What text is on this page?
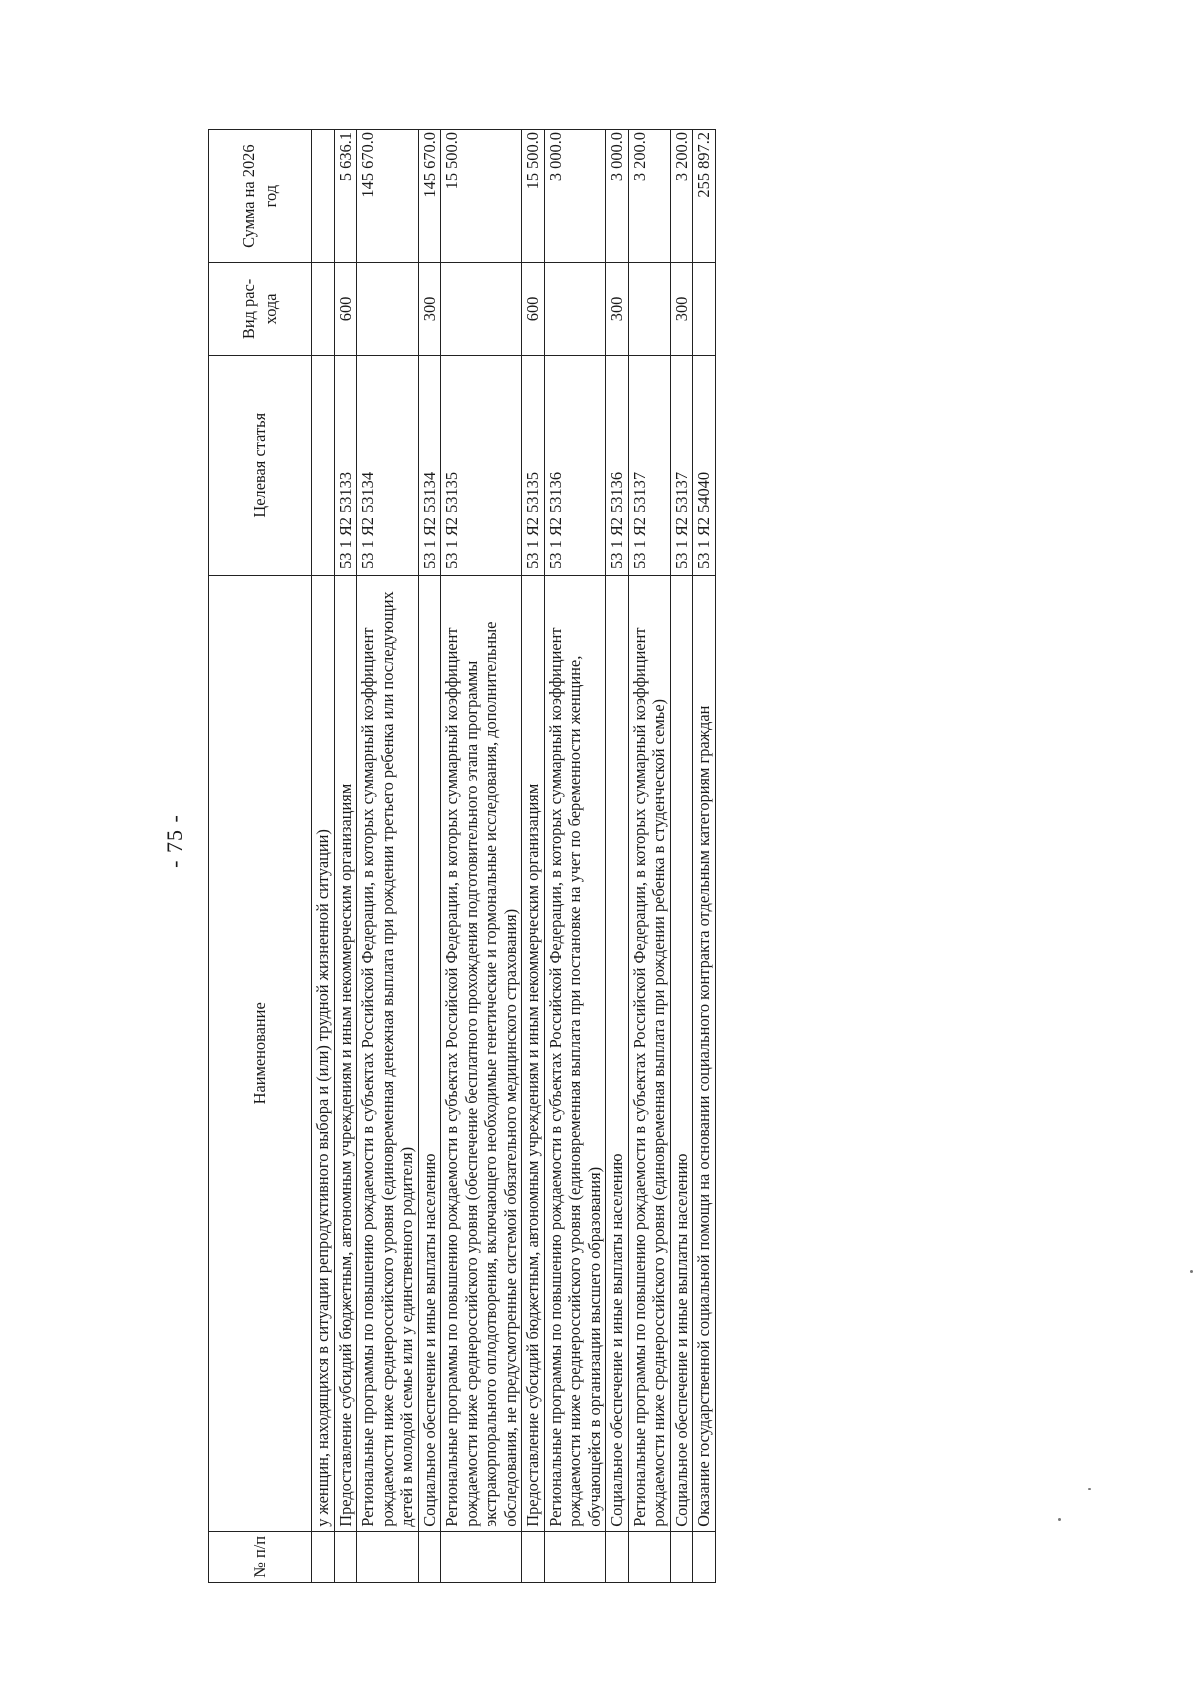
- 75 -
№ п/п	Наименование	Целевая статья	Вид рас-хода	Сумма на 2026 год
	у женщин, находящихся в ситуации репродуктивного выбора и (или) трудной жизненной ситуации)			
	Предоставление субсидий бюджетным, автономным учреждениям и иным некоммерческим организациям	53 1 Я2 53133	600	5 636.1
	Региональные программы по повышению рождаемости в субъектах Российской Федерации, в которых суммарный коэффициент рождаемости ниже среднероссийского уровня (единовременная денежная выплата при рождении третьего ребенка или последующих детей в молодой семье или у единственного родителя)	53 1 Я2 53134		145 670.0
	Социальное обеспечение и иные выплаты населению	53 1 Я2 53134	300	145 670.0
	Региональные программы по повышению рождаемости в субъектах Российской Федерации, в которых суммарный коэффициент рождаемости ниже среднероссийского уровня (обеспечение бесплатного прохождения подготовительного этапа программы экстракорпорального оплодотворения, включающего необходимые генетические и гормональные исследования, дополнительные обследования, не предусмотренные системой обязательного медицинского страхования)	53 1 Я2 53135		15 500.0
	Предоставление субсидий бюджетным, автономным учреждениям и иным некоммерческим организациям	53 1 Я2 53135	600	15 500.0
	Региональные программы по повышению рождаемости в субъектах Российской Федерации, в которых суммарный коэффициент рождаемости ниже среднероссийского уровня (единовременная выплата при постановке на учет по беременности женщине, обучающейся в организации высшего образования)	53 1 Я2 53136		3 000.0
	Социальное обеспечение и иные выплаты населению	53 1 Я2 53136	300	3 000.0
	Региональные программы по повышению рождаемости в субъектах Российской Федерации, в которых суммарный коэффициент рождаемости ниже среднероссийского уровня (единовременная выплата при рождении ребенка в студенческой семье)	53 1 Я2 53137		3 200.0
	Социальное обеспечение и иные выплаты населению	53 1 Я2 53137	300	3 200.0
	Оказание государственной социальной помощи на основании социального контракта отдельным категориям граждан	53 1 Я2 54040		255 897.2
